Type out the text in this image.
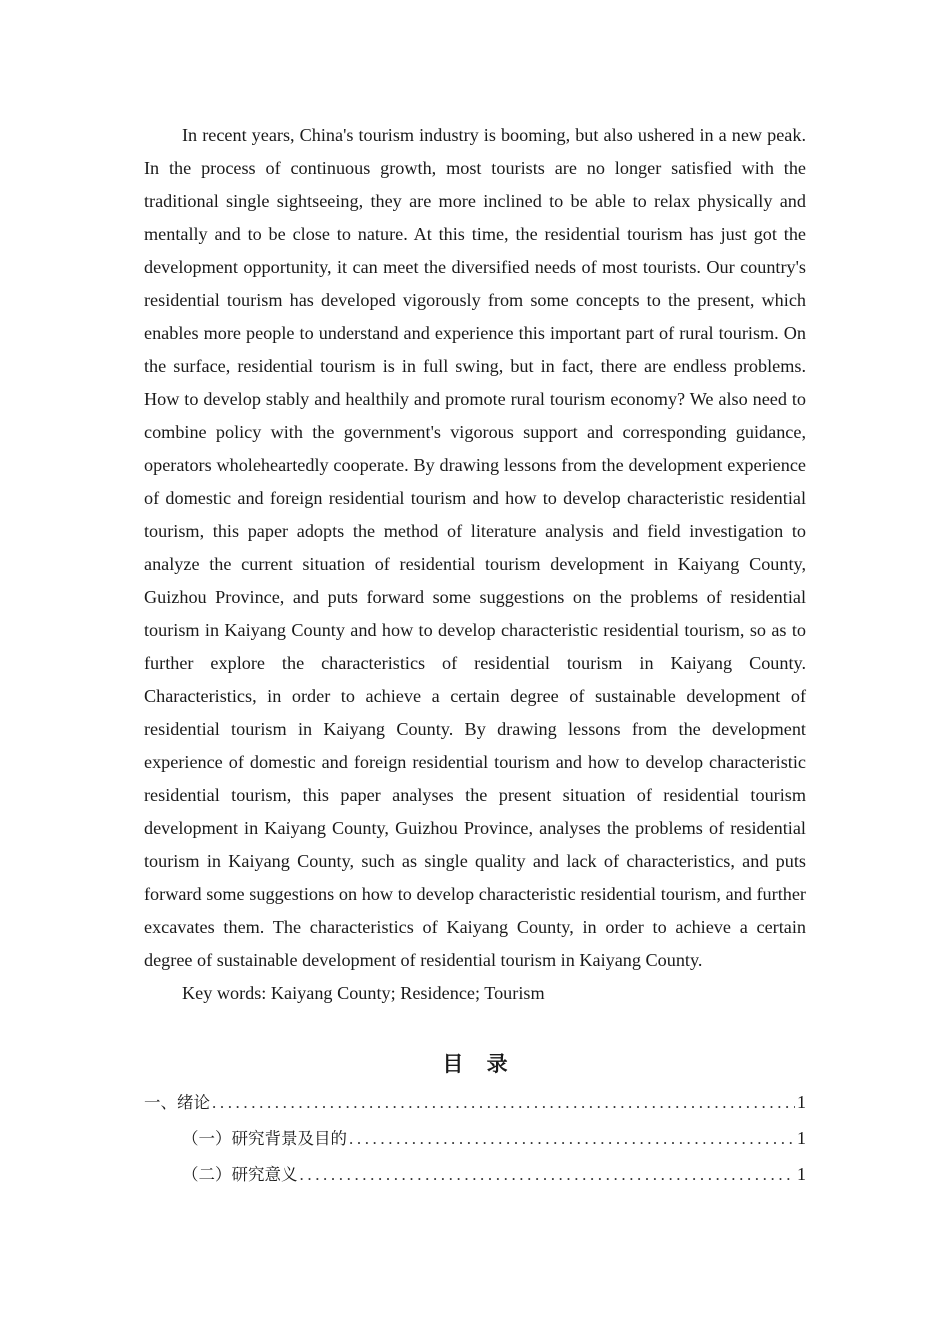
In recent years, China's tourism industry is booming, but also ushered in a new peak. In the process of continuous growth, most tourists are no longer satisfied with the traditional single sightseeing, they are more inclined to be able to relax physically and mentally and to be close to nature. At this time, the residential tourism has just got the development opportunity, it can meet the diversified needs of most tourists. Our country's residential tourism has developed vigorously from some concepts to the present, which enables more people to understand and experience this important part of rural tourism. On the surface, residential tourism is in full swing, but in fact, there are endless problems. How to develop stably and healthily and promote rural tourism economy? We also need to combine policy with the government's vigorous support and corresponding guidance, operators wholeheartedly cooperate. By drawing lessons from the development experience of domestic and foreign residential tourism and how to develop characteristic residential tourism, this paper adopts the method of literature analysis and field investigation to analyze the current situation of residential tourism development in Kaiyang County, Guizhou Province, and puts forward some suggestions on the problems of residential tourism in Kaiyang County and how to develop characteristic residential tourism, so as to further explore the characteristics of residential tourism in Kaiyang County. Characteristics, in order to achieve a certain degree of sustainable development of residential tourism in Kaiyang County. By drawing lessons from the development experience of domestic and foreign residential tourism and how to develop characteristic residential tourism, this paper analyses the present situation of residential tourism development in Kaiyang County, Guizhou Province, analyses the problems of residential tourism in Kaiyang County, such as single quality and lack of characteristics, and puts forward some suggestions on how to develop characteristic residential tourism, and further excavates them. The characteristics of Kaiyang County, in order to achieve a certain degree of sustainable development of residential tourism in Kaiyang County.

Key words: Kaiyang County; Residence; Tourism

目 录
一、绪论 .....	1
（一）研究背景及目的 .....	1
（二）研究意义 .....	1
